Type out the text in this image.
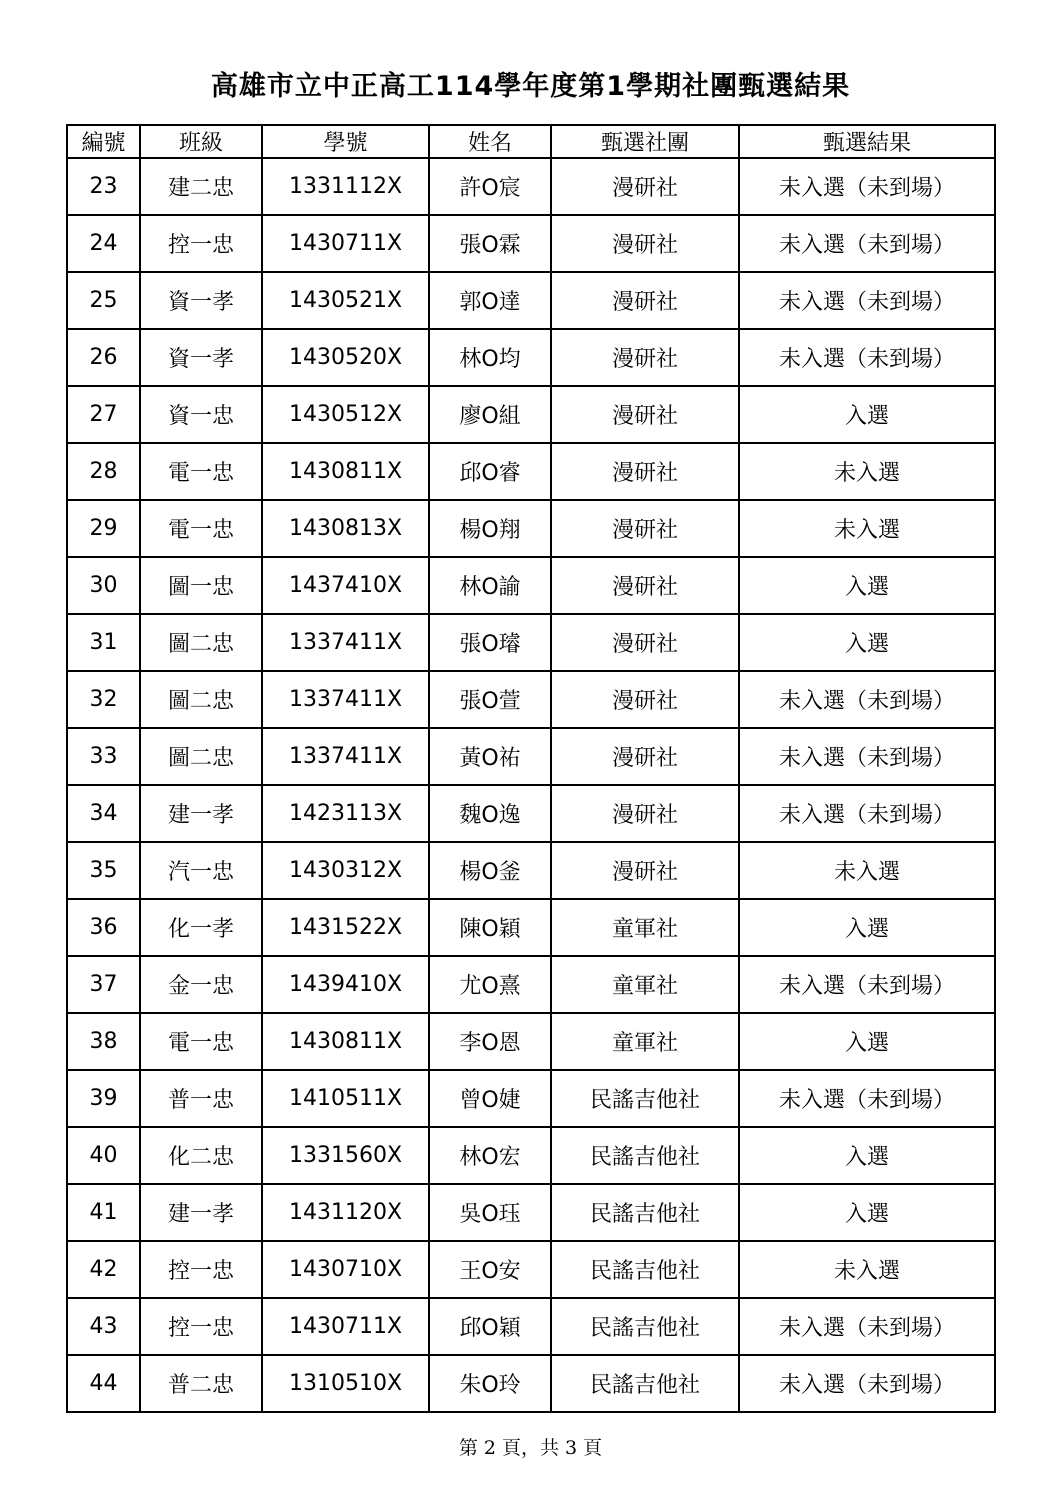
高雄市立中正高工114學年度第1學期社團甄選結果
編號	班級	學號	姓名	甄選社團	甄選結果
23	建二忠	1331112X	許O宸	漫研社	未入選（未到場）
24	控一忠	1430711X	張O霖	漫研社	未入選（未到場）
25	資一孝	1430521X	郭O達	漫研社	未入選（未到場）
26	資一孝	1430520X	林O均	漫研社	未入選（未到場）
27	資一忠	1430512X	廖O組	漫研社	入選
28	電一忠	1430811X	邱O睿	漫研社	未入選
29	電一忠	1430813X	楊O翔	漫研社	未入選
30	圖一忠	1437410X	林O諭	漫研社	入選
31	圖二忠	1337411X	張O璿	漫研社	入選
32	圖二忠	1337411X	張O萱	漫研社	未入選（未到場）
33	圖二忠	1337411X	黃O祐	漫研社	未入選（未到場）
34	建一孝	1423113X	魏O逸	漫研社	未入選（未到場）
35	汽一忠	1430312X	楊O釜	漫研社	未入選
36	化一孝	1431522X	陳O穎	童軍社	入選
37	金一忠	1439410X	尤O熹	童軍社	未入選（未到場）
38	電一忠	1430811X	李O恩	童軍社	入選
39	普一忠	1410511X	曾O婕	民謠吉他社	未入選（未到場）
40	化二忠	1331560X	林O宏	民謠吉他社	入選
41	建一孝	1431120X	吳O珏	民謠吉他社	入選
42	控一忠	1430710X	王O安	民謠吉他社	未入選
43	控一忠	1430711X	邱O穎	民謠吉他社	未入選（未到場）
44	普二忠	1310510X	朱O玲	民謠吉他社	未入選（未到場）
第 2 頁，共 3 頁
